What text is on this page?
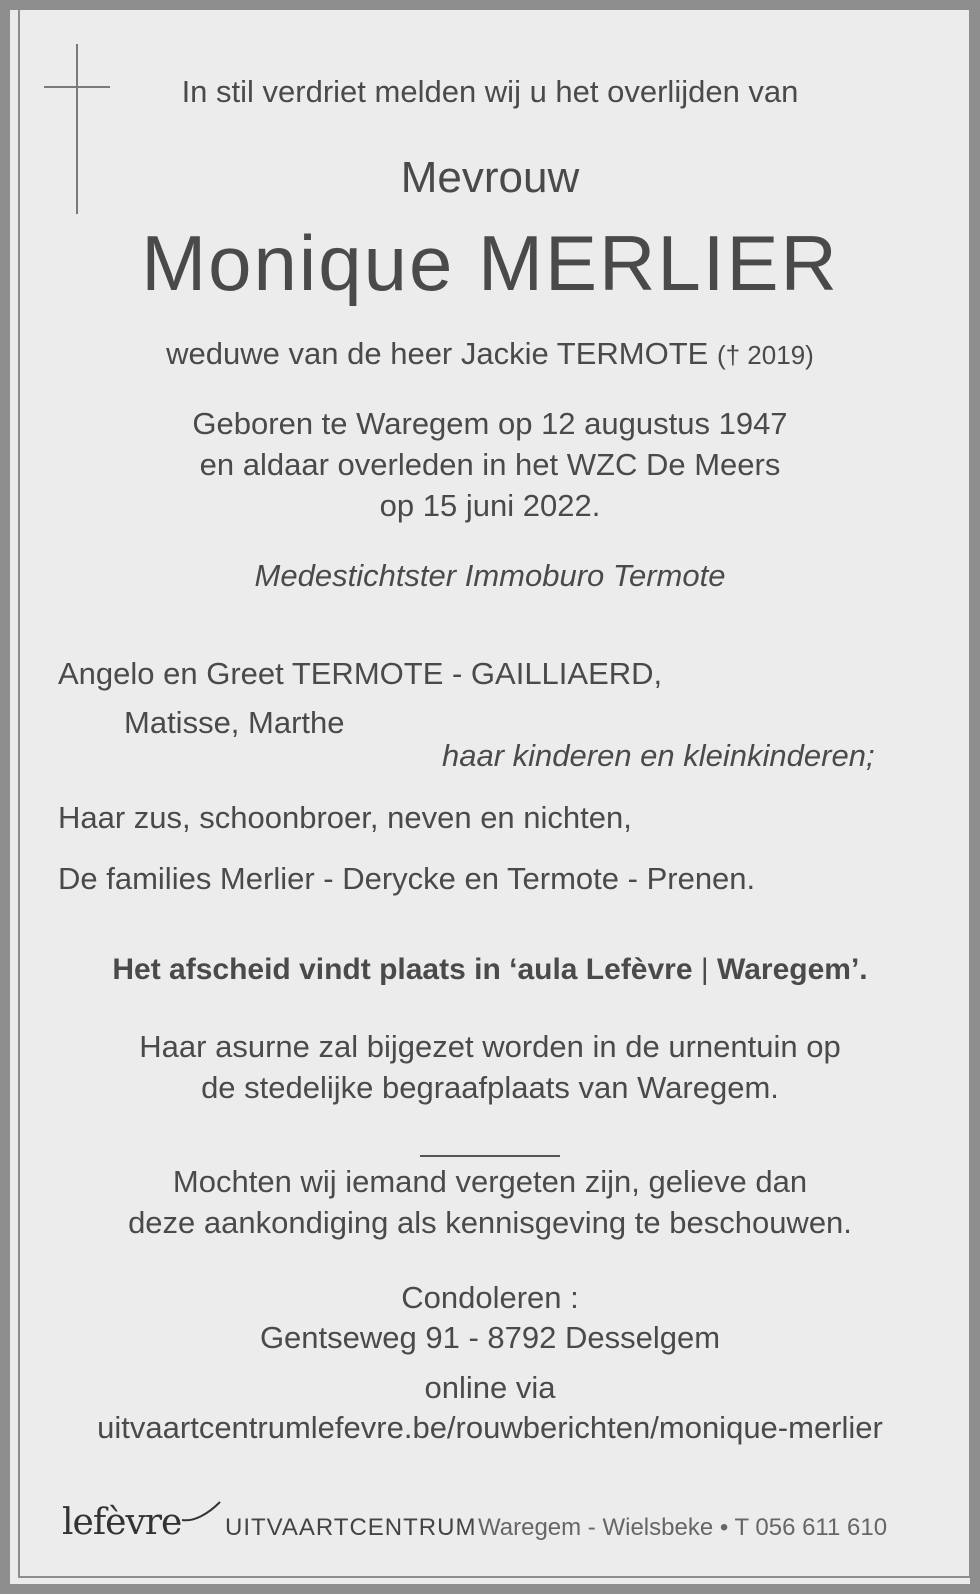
In stil verdriet melden wij u het overlijden van
Mevrouw
Monique MERLIER
weduwe van de heer Jackie TERMOTE († 2019)
Geboren te Waregem op 12 augustus 1947
en aldaar overleden in het WZC De Meers
op 15 juni 2022.
Medestichtster Immoburo Termote
Angelo en Greet TERMOTE - GAILLIAERD,
Matisse, Marthe
haar kinderen en kleinkinderen;
Haar zus, schoonbroer, neven en nichten,
De families Merlier - Derycke en Termote - Prenen.
Het afscheid vindt plaats in ‘aula Lefèvre | Waregem’.
Haar asurne zal bijgezet worden in de urnentuin op
de stedelijke begraafplaats van Waregem.
Mochten wij iemand vergeten zijn, gelieve dan
deze aankondiging als kennisgeving te beschouwen.
Condoleren :
Gentseweg 91 - 8792 Desselgem
online via
uitvaartcentrumlefevre.be/rouwberichten/monique-merlier
lefèvre UITVAARTCENTRUM Waregem - Wielsbeke • T 056 611 610
